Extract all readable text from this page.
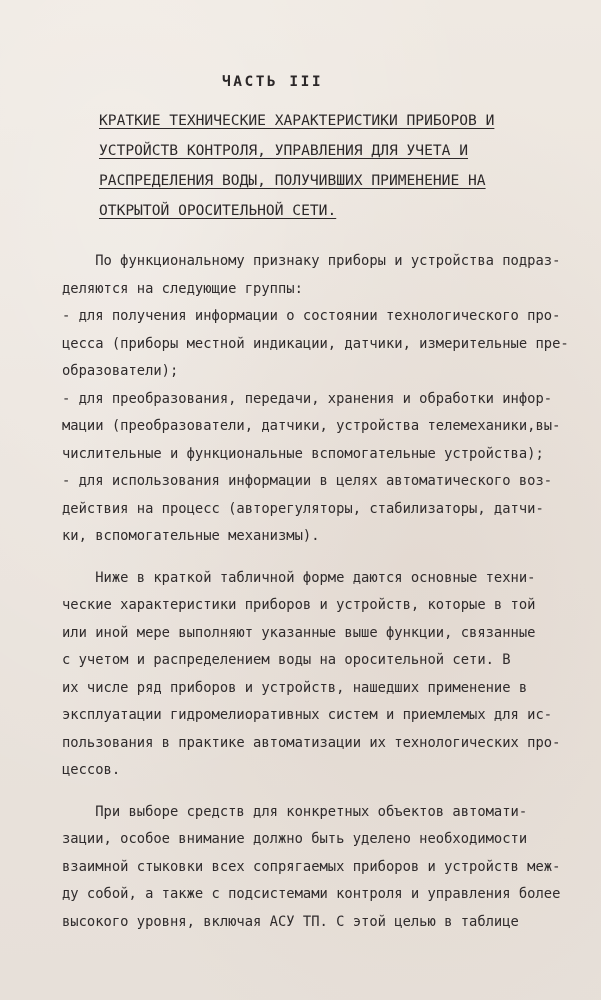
ЧАСТЬ III
КРАТКИЕ ТЕХНИЧЕСКИЕ ХАРАКТЕРИСТИКИ ПРИБОРОВ И
УСТРОЙСТВ КОНТРОЛЯ, УПРАВЛЕНИЯ ДЛЯ УЧЕТА И
РАСПРЕДЕЛЕНИЯ ВОДЫ, ПОЛУЧИВШИХ ПРИМЕНЕНИЕ НА
ОТКРЫТОЙ ОРОСИТЕЛЬНОЙ СЕТИ.
По функциональному признаку приборы и устройства подраз-
деляются на следующие группы:
- для получения информации о состоянии технологического про-
цесса (приборы местной индикации, датчики, измерительные пре-
образователи);
- для преобразования, передачи, хранения и обработки инфор-
мации (преобразователи, датчики, устройства телемеханики,вы-
числительные и функциональные вспомогательные устройства);
- для использования информации в целях автоматического воз-
действия на процесс (авторегуляторы, стабилизаторы, датчи-
ки, вспомогательные механизмы).
Ниже в краткой табличной форме даются основные техни-
ческие характеристики приборов и устройств, которые в той
или иной мере выполняют указанные выше функции, связанные
с учетом и распределением воды на оросительной сети. В
их числе ряд приборов и устройств, нашедших применение в
эксплуатации гидромелиоративных систем и приемлемых для ис-
пользования в практике автоматизации их технологических про-
цессов.
При выборе средств для конкретных объектов автомати-
зации, особое внимание должно быть уделено необходимости
взаимной стыковки всех сопрягаемых приборов и устройств меж-
ду собой, а также с подсистемами контроля и управления более
высокого уровня, включая АСУ ТП. С этой целью в таблице
